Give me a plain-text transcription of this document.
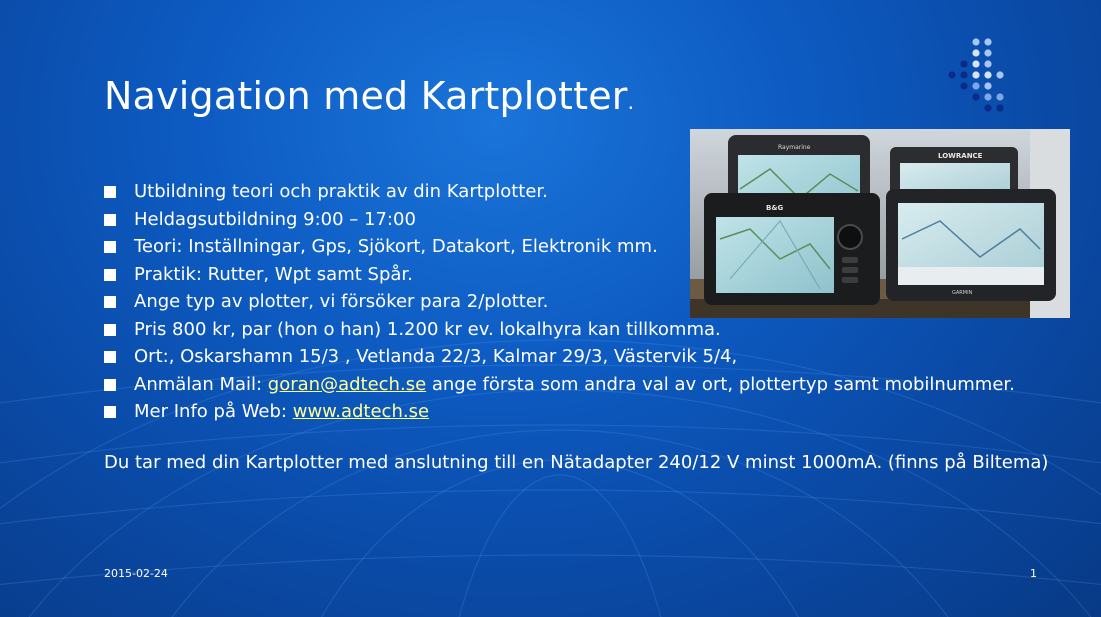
Navigation med Kartplotter.
Raymarine
LOWRANCE
B&G
GARMIN
Utbildning teori och praktik av din Kartplotter.
Heldagsutbildning 9:00 – 17:00
Teori: Inställningar, Gps, Sjökort, Datakort, Elektronik mm.
Praktik: Rutter, Wpt samt Spår.
Ange typ av plotter, vi försöker para 2/plotter.
Pris 800 kr, par (hon o han) 1.200 kr ev. lokalhyra kan tillkomma.
Ort:, Oskarshamn 15/3 , Vetlanda 22/3, Kalmar 29/3, Västervik 5/4,
Anmälan Mail: goran@adtech.se ange första som andra val av ort, plottertyp samt mobilnummer.
Mer Info på Web: www.adtech.se

Du tar med din Kartplotter med anslutning till en Nätadapter 240/12 V minst 1000mA. (finns på Biltema)

2015-02-24	1
